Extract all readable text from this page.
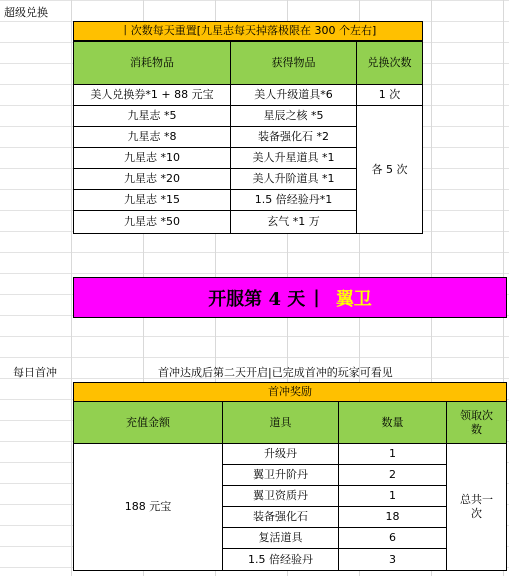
超级兑换
丨次数每天重置[九星志每天掉落极限在 300 个左右]
消耗物品	获得物品	兑换次数
美人兑换券*1 + 88 元宝	美人升级道具*6	1 次
九星志 *5	星辰之核 *5
九星志 *8	装备强化石 *2
九星志 *10	美人升星道具 *1
九星志 *20	美人升阶道具 *1
九星志 *15	1.5 倍经验丹*1
九星志 *50	玄气 *1 万
各 5 次
开服第 4 天 | 翼卫
每日首冲	首冲达成后第二天开启|已完成首冲的玩家可看见
首冲奖励
充值金额	道具	数量
领取次数
188 元宝
升级丹	1
翼卫升阶丹	2
翼卫资质丹	1
装备强化石	18
复活道具	6
1.5 倍经验丹	3
总共一次
